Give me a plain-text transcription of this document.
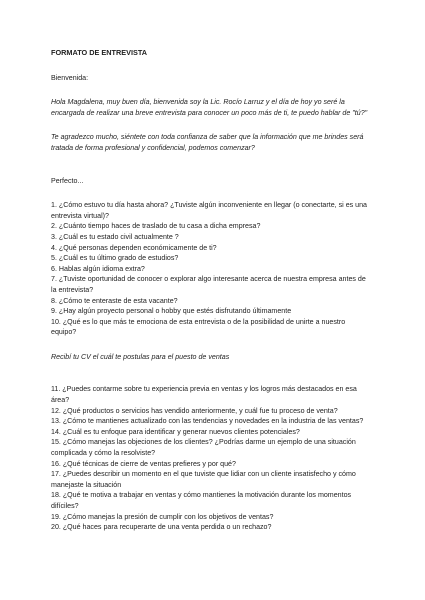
FORMATO DE ENTREVISTA

Bienvenida:

Hola Magdalena, muy buen día, bienvenida soy la Lic. Rocío Larruz y el día de hoy yo seré la encargada de realizar una breve entrevista para conocer un poco más de ti, te puedo hablar de "tú?"

Te agradezco mucho, siéntete con toda confianza de saber que la información que me brindes será tratada de forma profesional y confidencial, podemos comenzar?

Perfecto...

1. ¿Cómo estuvo tu día hasta ahora? ¿Tuviste algún inconveniente en llegar (o conectarte, si es una entrevista virtual)?
2. ¿Cuánto tiempo haces de traslado de tu casa a dicha empresa?
3. ¿Cuál es tu estado civil actualmente ?
4. ¿Qué personas dependen económicamente de ti?
5. ¿Cuál es tu último grado de estudios?
6. Hablas algún idioma extra?
7. ¿Tuviste oportunidad de conocer o explorar algo interesante acerca de nuestra empresa antes de la entrevista?
8. ¿Cómo te enteraste de esta vacante?
9. ¿Hay algún proyecto personal o hobby que estés disfrutando últimamente
10. ¿Qué es lo que más te emociona de esta entrevista o de la posibilidad de unirte a nuestro equipo?

Recibí tu CV el cuál te postulas para el puesto de ventas

11. ¿Puedes contarme sobre tu experiencia previa en ventas y los logros más destacados en esa área?
12. ¿Qué productos o servicios has vendido anteriormente, y cuál fue tu proceso de venta?
13. ¿Cómo te mantienes actualizado con las tendencias y novedades en la industria de las ventas?
14. ¿Cuál es tu enfoque para identificar y generar nuevos clientes potenciales?
15. ¿Cómo manejas las objeciones de los clientes? ¿Podrías darme un ejemplo de una situación complicada y cómo la resolviste?
16. ¿Qué técnicas de cierre de ventas prefieres y por qué?
17. ¿Puedes describir un momento en el que tuviste que lidiar con un cliente insatisfecho y cómo manejaste la situación
18. ¿Qué te motiva a trabajar en ventas y cómo mantienes la motivación durante los momentos difíciles?
19. ¿Cómo manejas la presión de cumplir con los objetivos de ventas?
20. ¿Qué haces para recuperarte de una venta perdida o un rechazo?
